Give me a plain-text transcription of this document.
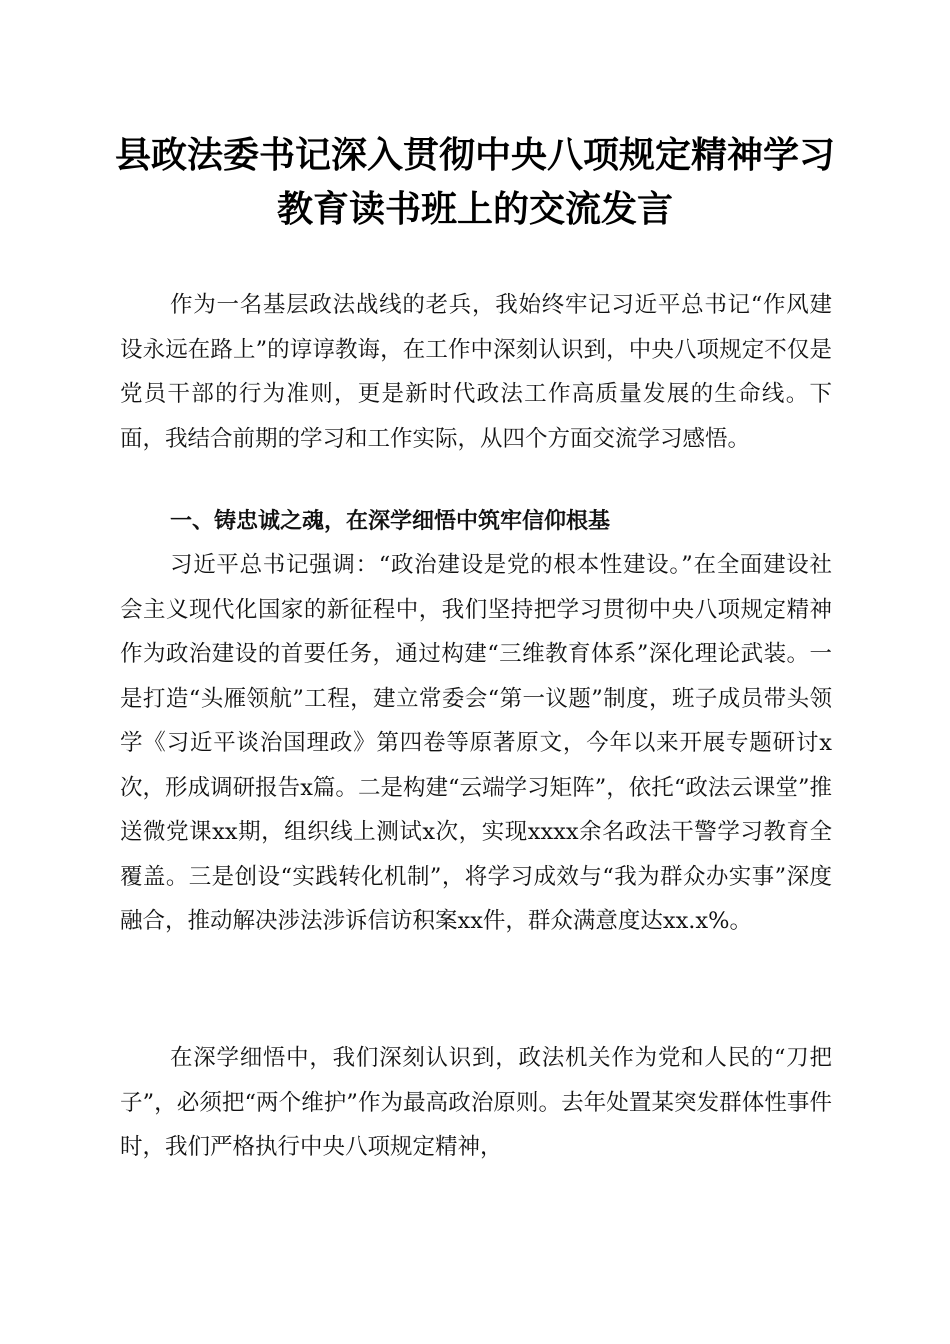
县政法委书记深入贯彻中央八项规定精神学习
教育读书班上的交流发言

作为一名基层政法战线的老兵，我始终牢记习近平总书记“作风建设永远在路上”的谆谆教诲，在工作中深刻认识到，中央八项规定不仅是党员干部的行为准则，更是新时代政法工作高质量发展的生命线。下面，我结合前期的学习和工作实际，从四个方面交流学习感悟。

一、铸忠诚之魂，在深学细悟中筑牢信仰根基

习近平总书记强调：“政治建设是党的根本性建设。”在全面建设社会主义现代化国家的新征程中，我们坚持把学习贯彻中央八项规定精神作为政治建设的首要任务，通过构建“三维教育体系”深化理论武装。一是打造“头雁领航”工程，建立常委会“第一议题”制度，班子成员带头领学《习近平谈治国理政》第四卷等原著原文，今年以来开展专题研讨x次，形成调研报告x篇。二是构建“云端学习矩阵”，依托“政法云课堂”推送微党课xx期，组织线上测试x次，实现xxxx余名政法干警学习教育全覆盖。三是创设“实践转化机制”，将学习成效与“我为群众办实事”深度融合，推动解决涉法涉诉信访积案xx件，群众满意度达xx.x%。

在深学细悟中，我们深刻认识到，政法机关作为党和人民的“刀把子”，必须把“两个维护”作为最高政治原则。去年处置某突发群体性事件时，我们严格执行中央八项规定精神，
